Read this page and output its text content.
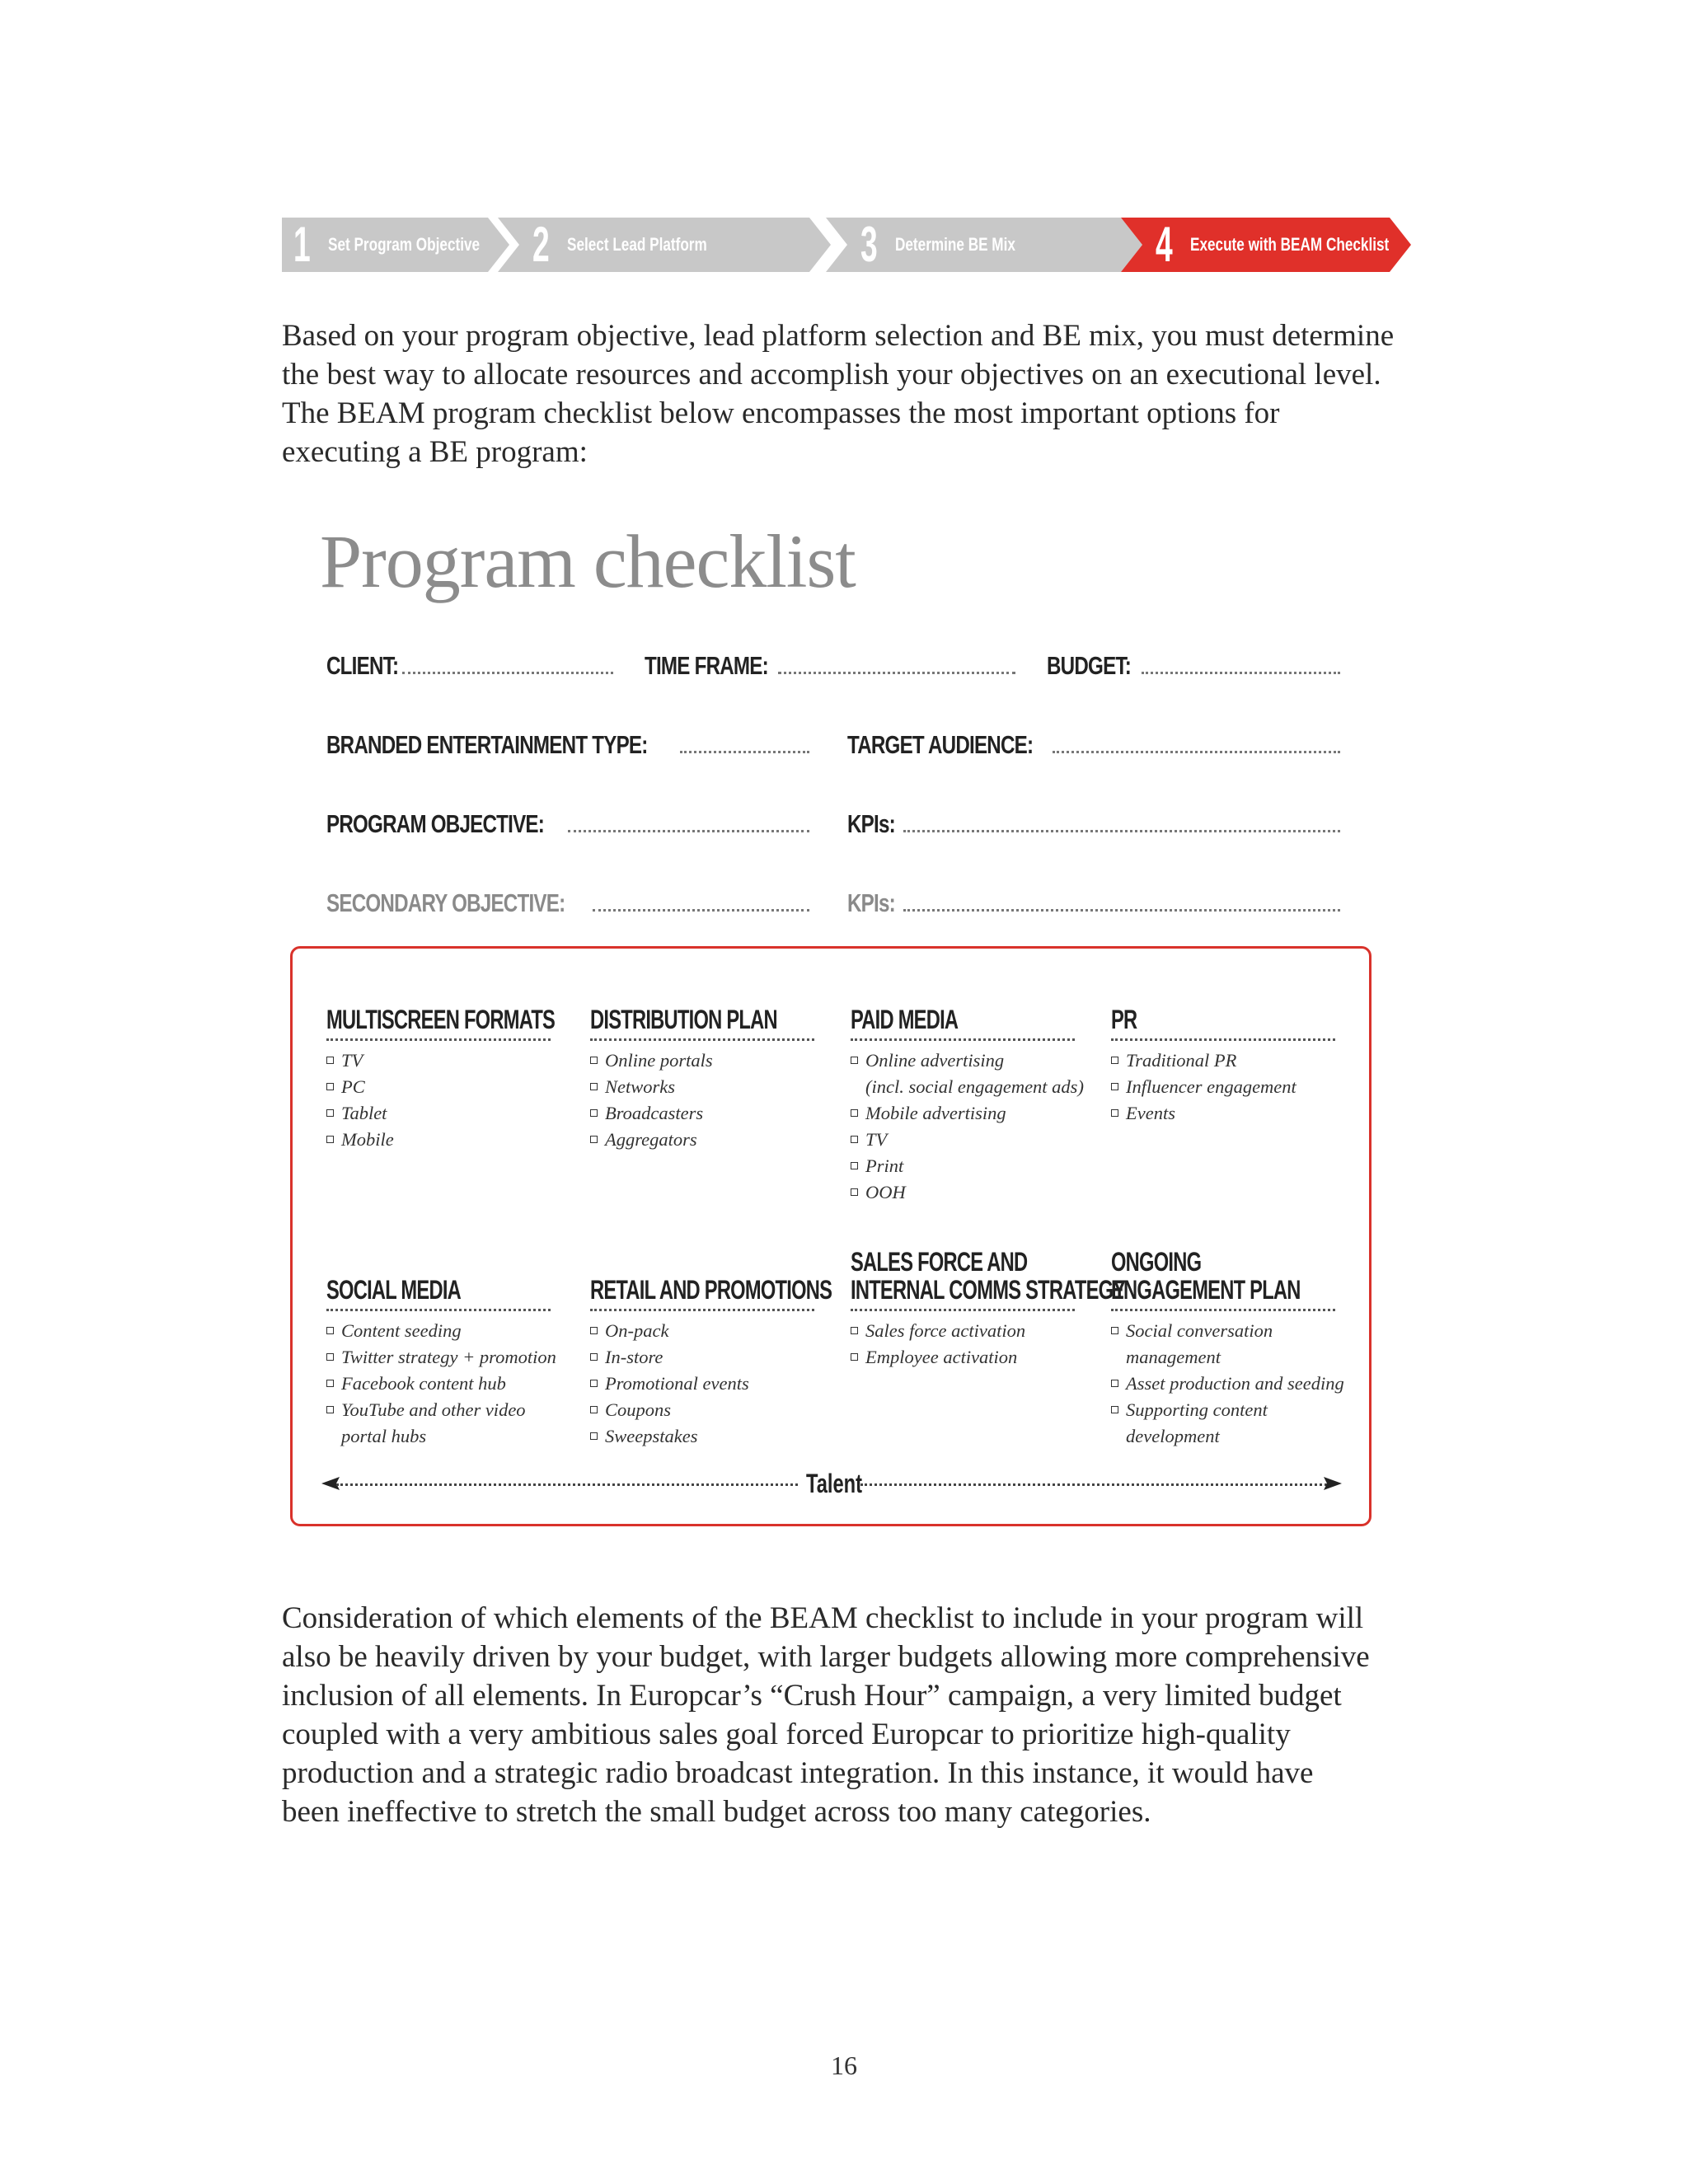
1 Set Program Objective 2 Select Lead Platform	3 Determine BE Mix	4 Execute with BEAM Checklist

Based on your program objective, lead platform selection and BE mix, you must determine the best way to allocate resources and accomplish your objectives on an executional level. The BEAM program checklist below encompasses the most important options for executing a BE program:

Program checklist
CLIENT:	TIME FRAME:	BUDGET:
BRANDED ENTERTAINMENT TYPE:	TARGET AUDIENCE:
PROGRAM OBJECTIVE:	KPIs:
SECONDARY OBJECTIVE:	KPIs:
MULTISCREEN FORMATS
TV
PC
Tablet
Mobile
DISTRIBUTION PLAN
Online portals
Networks
Broadcasters
Aggregators
PAID MEDIA
Online advertising
(incl. social engagement ads)
Mobile advertising
TV
Print
OOH
PR
Traditional PR
Influencer engagement
Events
SOCIAL MEDIA
Content seeding
Twitter strategy + promotion
Facebook content hub
YouTube and other video
portal hubs
RETAIL AND PROMOTIONS
On-pack
In-store
Promotional events
Coupons
Sweepstakes
SALES FORCE AND
INTERNAL COMMS STRATEGY
Sales force activation
Employee activation
ONGOING
ENGAGEMENT PLAN
Social conversation
management
Asset production and seeding
Supporting content
development
Talent

Consideration of which elements of the BEAM checklist to include in your program will also be heavily driven by your budget, with larger budgets allowing more comprehensive inclusion of all elements. In Europcar’s “Crush Hour” campaign, a very limited budget coupled with a very ambitious sales goal forced Europcar to prioritize high-quality production and a strategic radio broadcast integration. In this instance, it would have been ineffective to stretch the small budget across too many categories.

16
